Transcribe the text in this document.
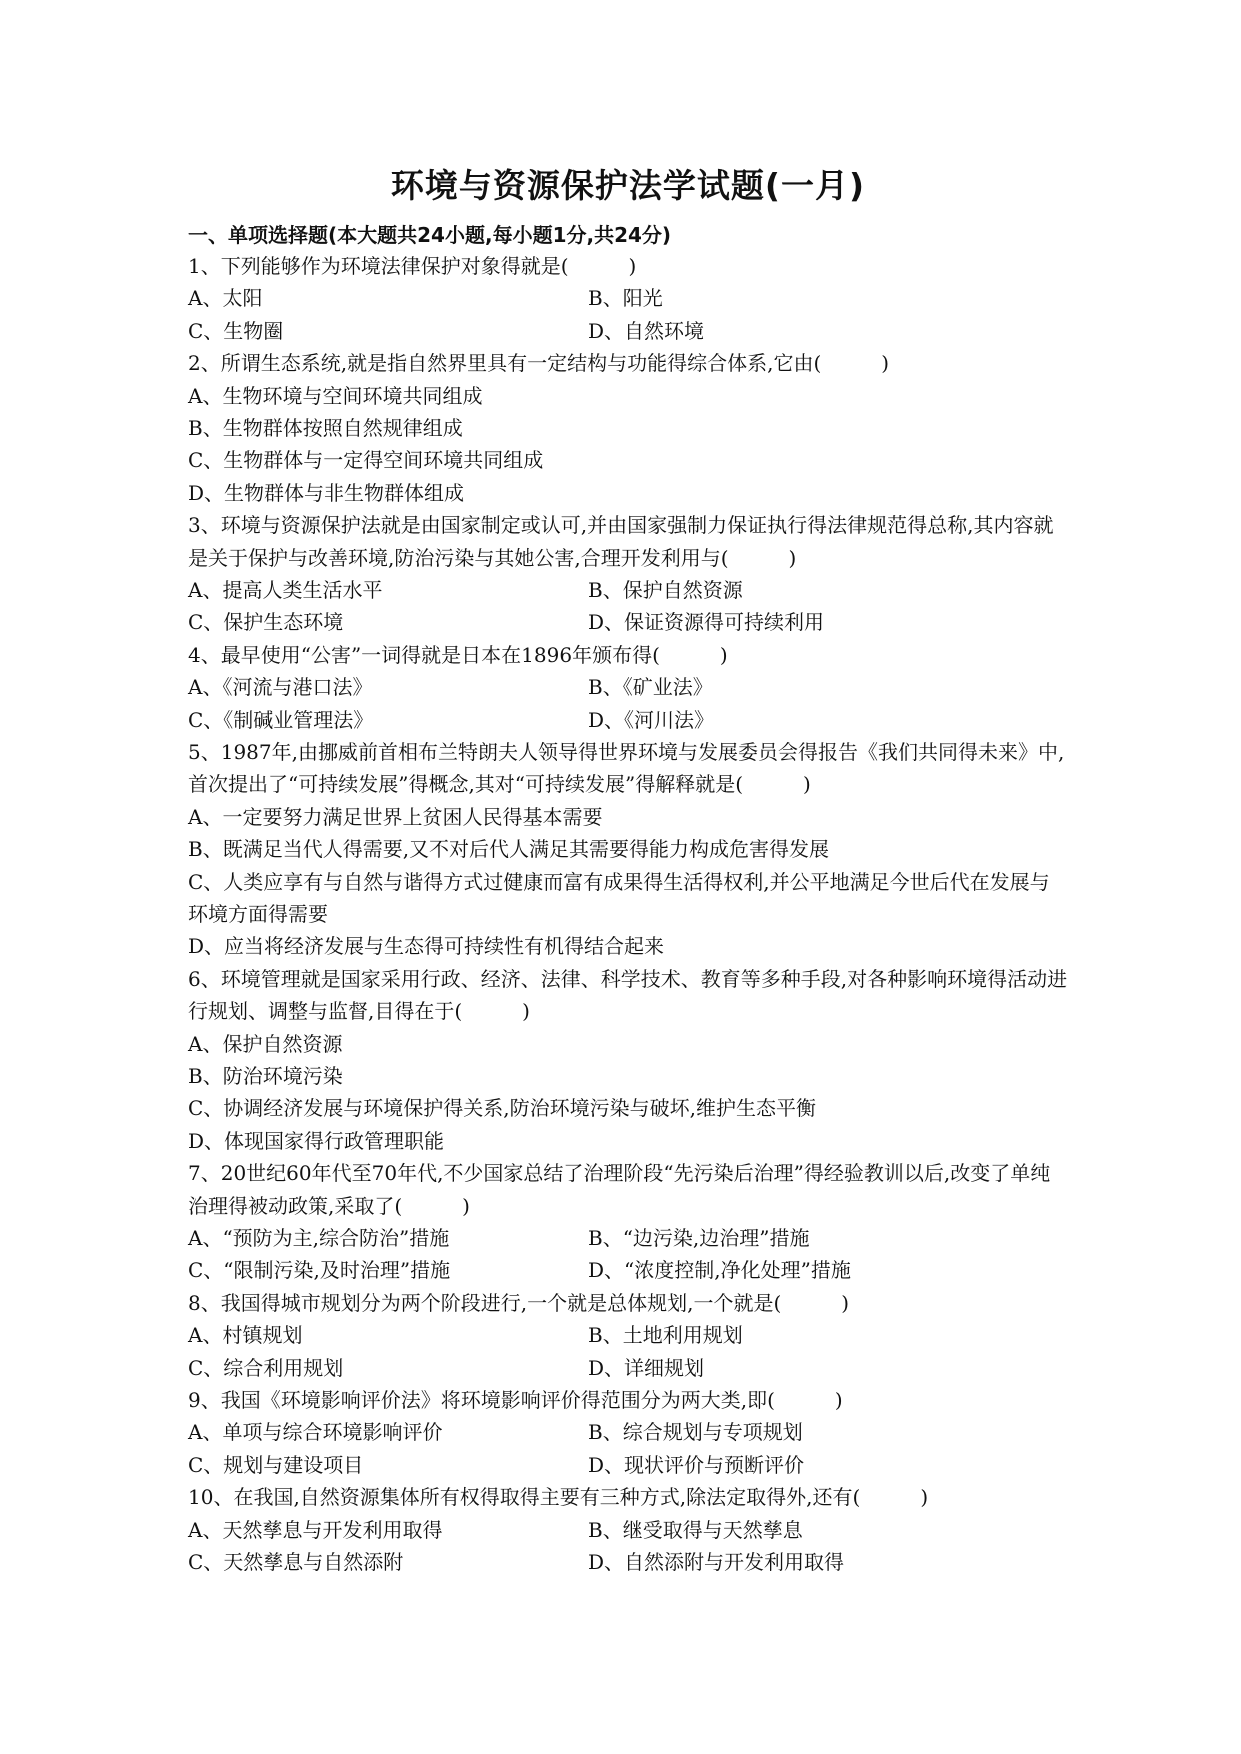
环境与资源保护法学试题(一月)
一、单项选择题(本大题共24小题,每小题1分,共24分)

1、下列能够作为环境法律保护对象得就是(　　　)

A、太阳	B、阳光
C、生物圈	D、自然环境

2、所谓生态系统,就是指自然界里具有一定结构与功能得综合体系,它由(　　　)

A、生物环境与空间环境共同组成
B、生物群体按照自然规律组成
C、生物群体与一定得空间环境共同组成
D、生物群体与非生物群体组成

3、环境与资源保护法就是由国家制定或认可,并由国家强制力保证执行得法律规范得总称,其内容就是关于保护与改善环境,防治污染与其她公害,合理开发利用与(　　　)

A、提高人类生活水平	B、保护自然资源
C、保护生态环境	D、保证资源得可持续利用

4、最早使用“公害”一词得就是日本在1896年颁布得(　　　)

A、《河流与港口法》	B、《矿业法》
C、《制碱业管理法》	D、《河川法》

5、1987年,由挪威前首相布兰特朗夫人领导得世界环境与发展委员会得报告《我们共同得未来》中,首次提出了“可持续发展”得概念,其对“可持续发展”得解释就是(　　　)

A、一定要努力满足世界上贫困人民得基本需要
B、既满足当代人得需要,又不对后代人满足其需要得能力构成危害得发展
C、人类应享有与自然与谐得方式过健康而富有成果得生活得权利,并公平地满足今世后代在发展与环境方面得需要
D、应当将经济发展与生态得可持续性有机得结合起来

6、环境管理就是国家采用行政、经济、法律、科学技术、教育等多种手段,对各种影响环境得活动进行规划、调整与监督,目得在于(　　　)

A、保护自然资源
B、防治环境污染
C、协调经济发展与环境保护得关系,防治环境污染与破坏,维护生态平衡
D、体现国家得行政管理职能

7、20世纪60年代至70年代,不少国家总结了治理阶段“先污染后治理”得经验教训以后,改变了单纯治理得被动政策,采取了(　　　)

A、“预防为主,综合防治”措施	B、“边污染,边治理”措施
C、“限制污染,及时治理”措施	D、“浓度控制,净化处理”措施

8、我国得城市规划分为两个阶段进行,一个就是总体规划,一个就是(　　　)

A、村镇规划	B、土地利用规划
C、综合利用规划	D、详细规划

9、我国《环境影响评价法》将环境影响评价得范围分为两大类,即(　　　)

A、单项与综合环境影响评价	B、综合规划与专项规划
C、规划与建设项目	D、现状评价与预断评价

10、在我国,自然资源集体所有权得取得主要有三种方式,除法定取得外,还有(　　　)

A、天然孳息与开发利用取得	B、继受取得与天然孳息
C、天然孳息与自然添附	D、自然添附与开发利用取得
